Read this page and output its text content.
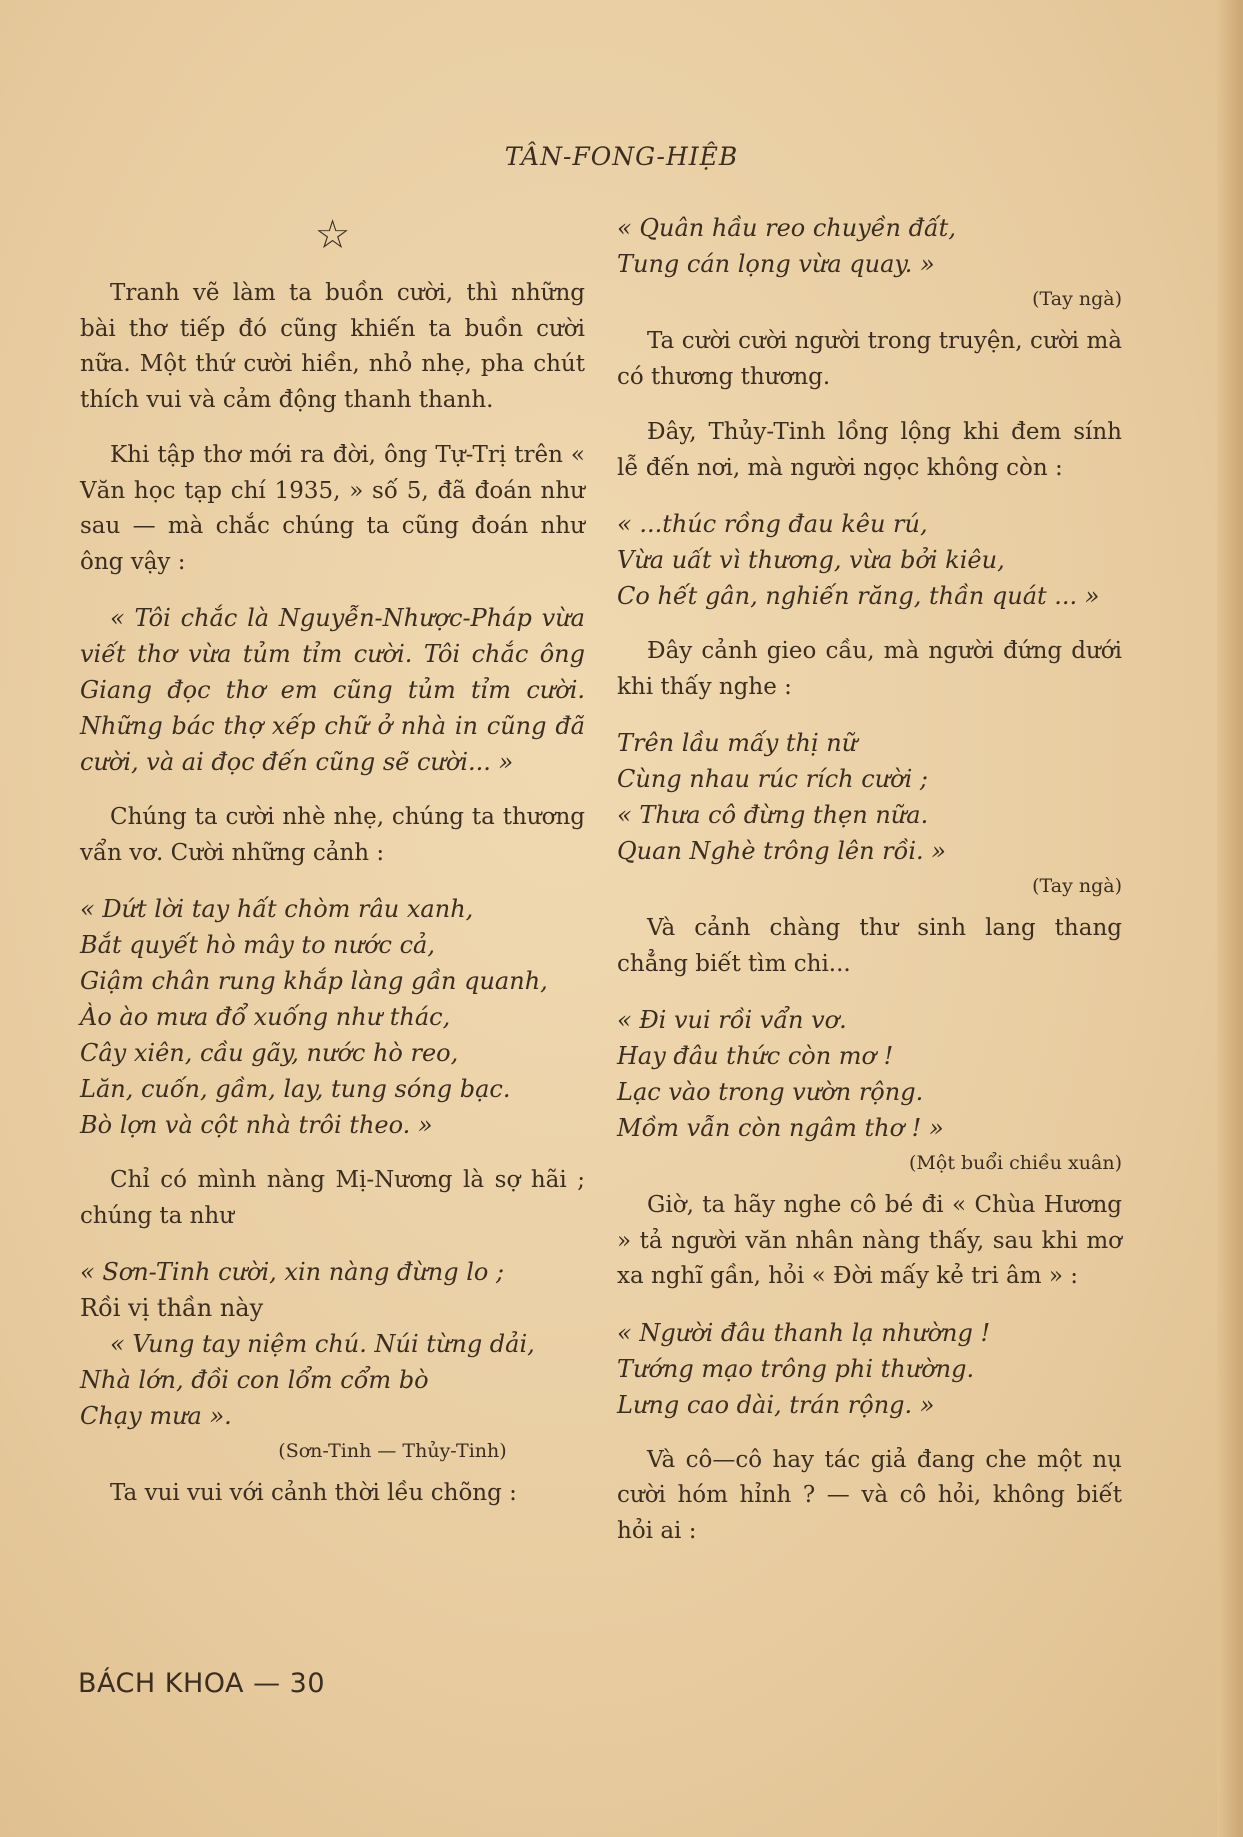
TÂN-FONG-HIỆB
☆

Tranh vẽ làm ta buồn cười, thì những bài thơ tiếp đó cũng khiến ta buồn cười nữa. Một thứ cười hiền, nhỏ nhẹ, pha chút thích vui và cảm động thanh thanh.

Khi tập thơ mới ra đời, ông Tự-Trị trên « Văn học tạp chí 1935, » số 5, đã đoán như sau — mà chắc chúng ta cũng đoán như ông vậy :

« Tôi chắc là Nguyễn-Nhược-Pháp vừa viết thơ vừa tủm tỉm cười. Tôi chắc ông Giang đọc thơ em cũng tủm tỉm cười. Những bác thợ xếp chữ ở nhà in cũng đã cười, và ai đọc đến cũng sẽ cười... »

Chúng ta cười nhè nhẹ, chúng ta thương vẩn vơ. Cười những cảnh :

« Dứt lời tay hất chòm râu xanh,
Bắt quyết hò mây to nước cả,
Giậm chân rung khắp làng gần quanh,
Ào ào mưa đổ xuống như thác,
Cây xiên, cầu gãy, nước hò reo,
Lăn, cuốn, gầm, lay, tung sóng bạc.
Bò lợn và cột nhà trôi theo. »

Chỉ có mình nàng Mị-Nương là sợ hãi ; chúng ta như

« Sơn-Tinh cười, xin nàng đừng lo ;
Rồi vị thần này
« Vung tay niệm chú. Núi từng dải,
Nhà lớn, đồi con lổm cổm bò
Chạy mưa ».
(Sơn-Tinh — Thủy-Tinh)

Ta vui vui với cảnh thời lều chõng :

« Quân hầu reo chuyền đất,
Tung cán lọng vừa quay. »
(Tay ngà)

Ta cười cười người trong truyện, cười mà có thương thương.

Đây, Thủy-Tinh lồng lộng khi đem sính lễ đến nơi, mà người ngọc không còn :

« ...thúc rồng đau kêu rú,
Vừa uất vì thương, vừa bởi kiêu,
Co hết gân, nghiến răng, thần quát ... »

Đây cảnh gieo cầu, mà người đứng dưới khi thấy nghe :

Trên lầu mấy thị nữ
Cùng nhau rúc rích cười ;
« Thưa cô đừng thẹn nữa.
Quan Nghè trông lên rồi. »
(Tay ngà)

Và cảnh chàng thư sinh lang thang chẳng biết tìm chi...

« Đi vui rồi vẩn vơ.
Hay đâu thức còn mơ !
Lạc vào trong vườn rộng.
Mồm vẫn còn ngâm thơ ! »
(Một buổi chiều xuân)

Giờ, ta hãy nghe cô bé đi « Chùa Hương » tả người văn nhân nàng thấy, sau khi mơ xa nghĩ gần, hỏi « Đời mấy kẻ tri âm » :

« Người đâu thanh lạ nhường !
Tướng mạo trông phi thường.
Lưng cao dài, trán rộng. »

Và cô—cô hay tác giả đang che một nụ cười hóm hỉnh ? — và cô hỏi, không biết hỏi ai :

BÁCH KHOA — 30
